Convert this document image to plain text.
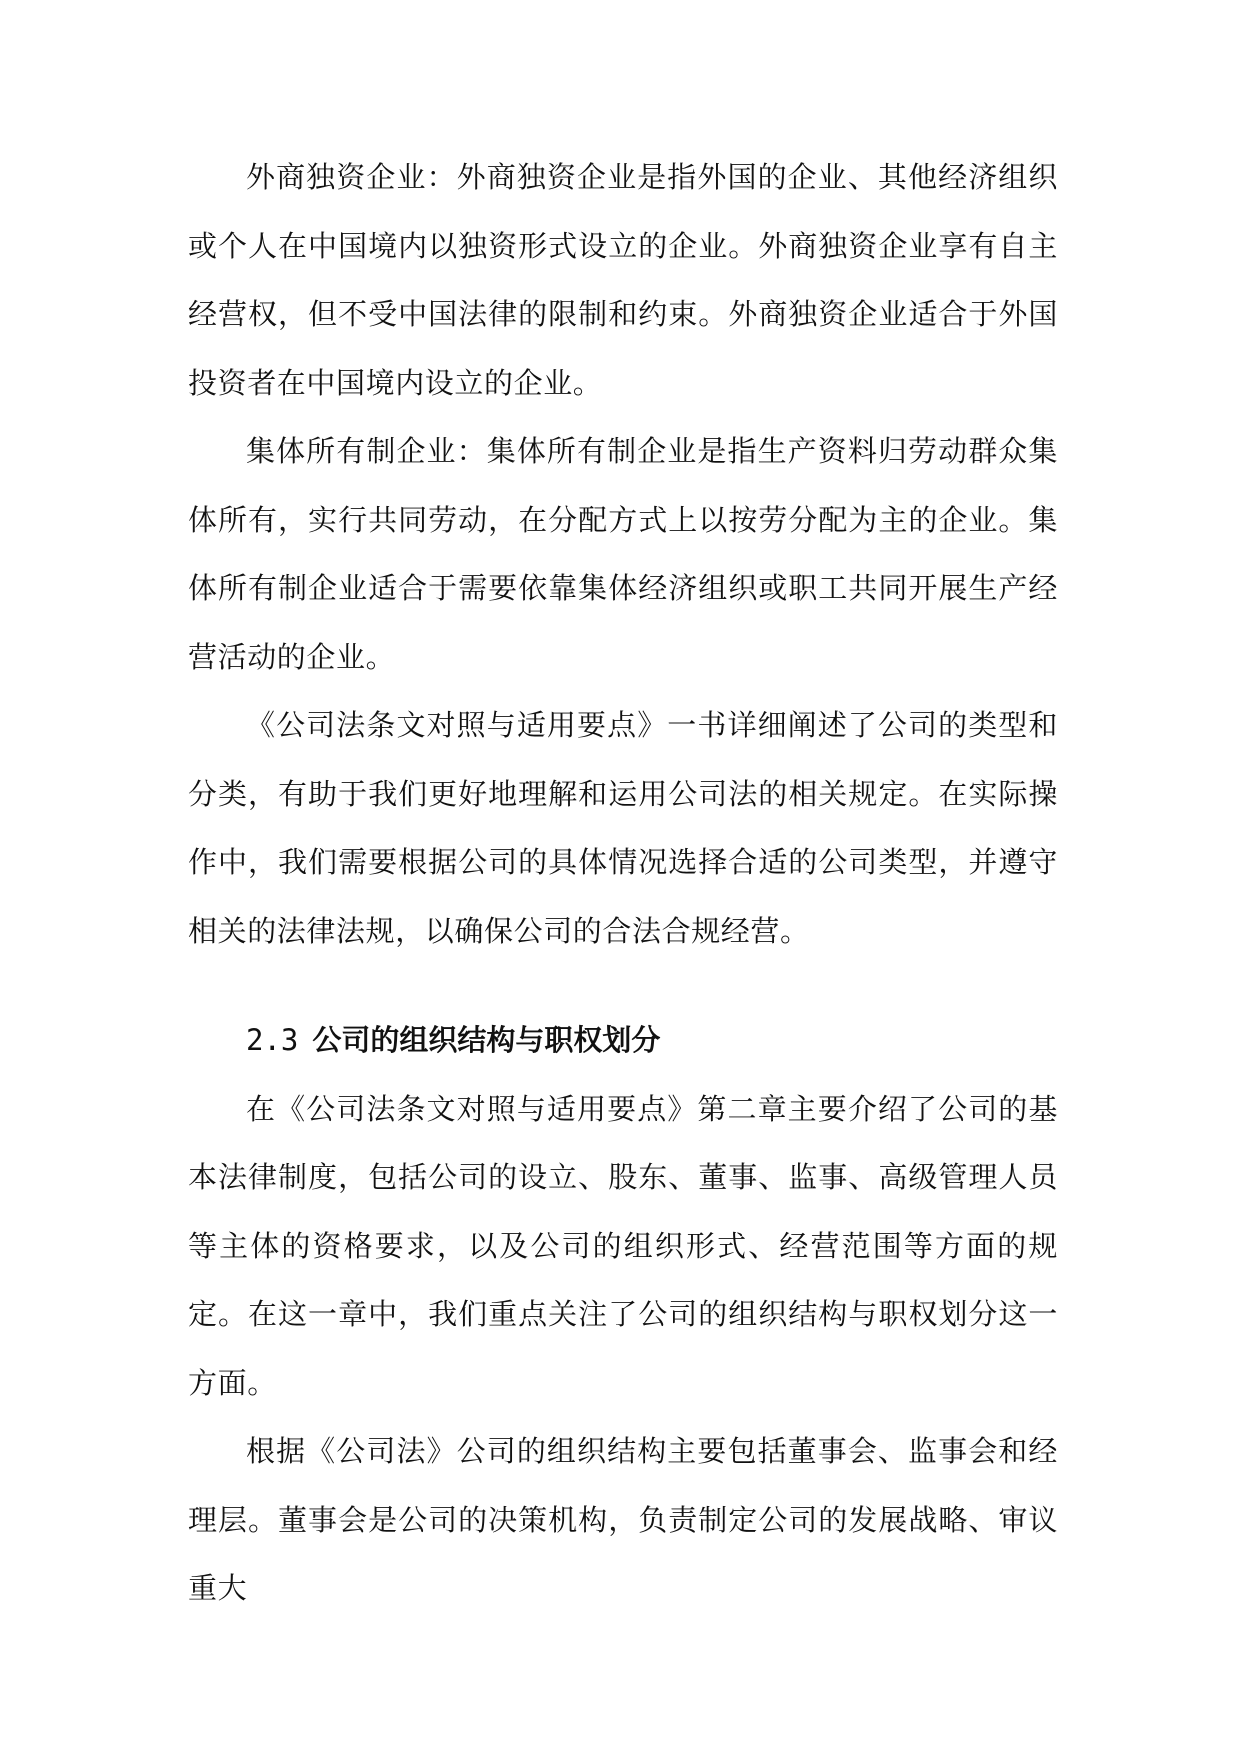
外商独资企业：外商独资企业是指外国的企业、其他经济组织或个人在中国境内以独资形式设立的企业。外商独资企业享有自主经营权，但不受中国法律的限制和约束。外商独资企业适合于外国投资者在中国境内设立的企业。

集体所有制企业：集体所有制企业是指生产资料归劳动群众集体所有，实行共同劳动，在分配方式上以按劳分配为主的企业。集体所有制企业适合于需要依靠集体经济组织或职工共同开展生产经营活动的企业。

《公司法条文对照与适用要点》一书详细阐述了公司的类型和分类，有助于我们更好地理解和运用公司法的相关规定。在实际操作中，我们需要根据公司的具体情况选择合适的公司类型，并遵守相关的法律法规，以确保公司的合法合规经营。

2.3 公司的组织结构与职权划分

在《公司法条文对照与适用要点》第二章主要介绍了公司的基本法律制度，包括公司的设立、股东、董事、监事、高级管理人员等主体的资格要求，以及公司的组织形式、经营范围等方面的规定。在这一章中，我们重点关注了公司的组织结构与职权划分这一方面。

根据《公司法》公司的组织结构主要包括董事会、监事会和经理层。董事会是公司的决策机构，负责制定公司的发展战略、审议重大
